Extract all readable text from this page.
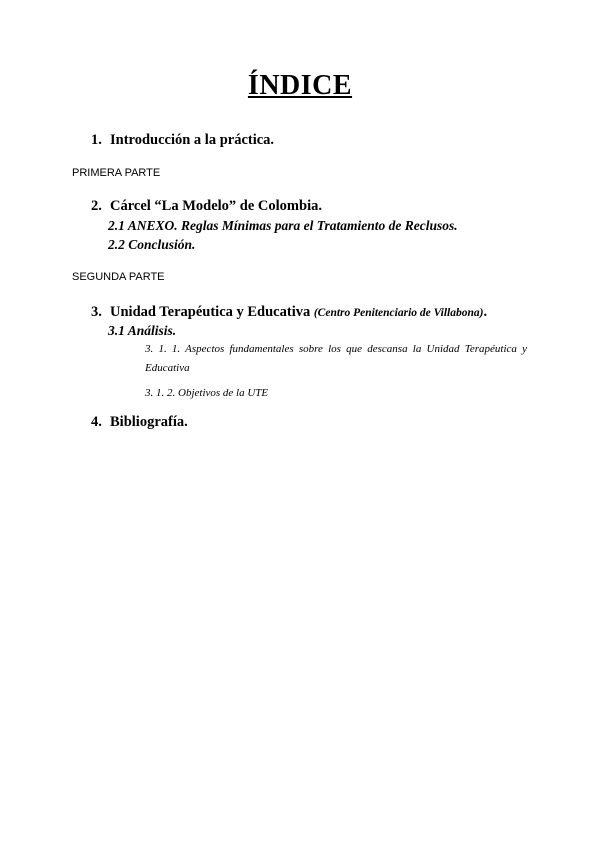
ÍNDICE
1. Introducción a la práctica.
PRIMERA PARTE
2. Cárcel “La Modelo” de Colombia.
2.1 ANEXO. Reglas Mínimas para el Tratamiento de Reclusos.
2.2 Conclusión.
SEGUNDA PARTE
3. Unidad Terapéutica y Educativa (Centro Penitenciario de Villabona).
3.1 Análisis.
3. 1. 1. Aspectos fundamentales sobre los que descansa la Unidad Terapéutica y Educativa
3. 1. 2. Objetivos de la UTE
4. Bibliografía.
